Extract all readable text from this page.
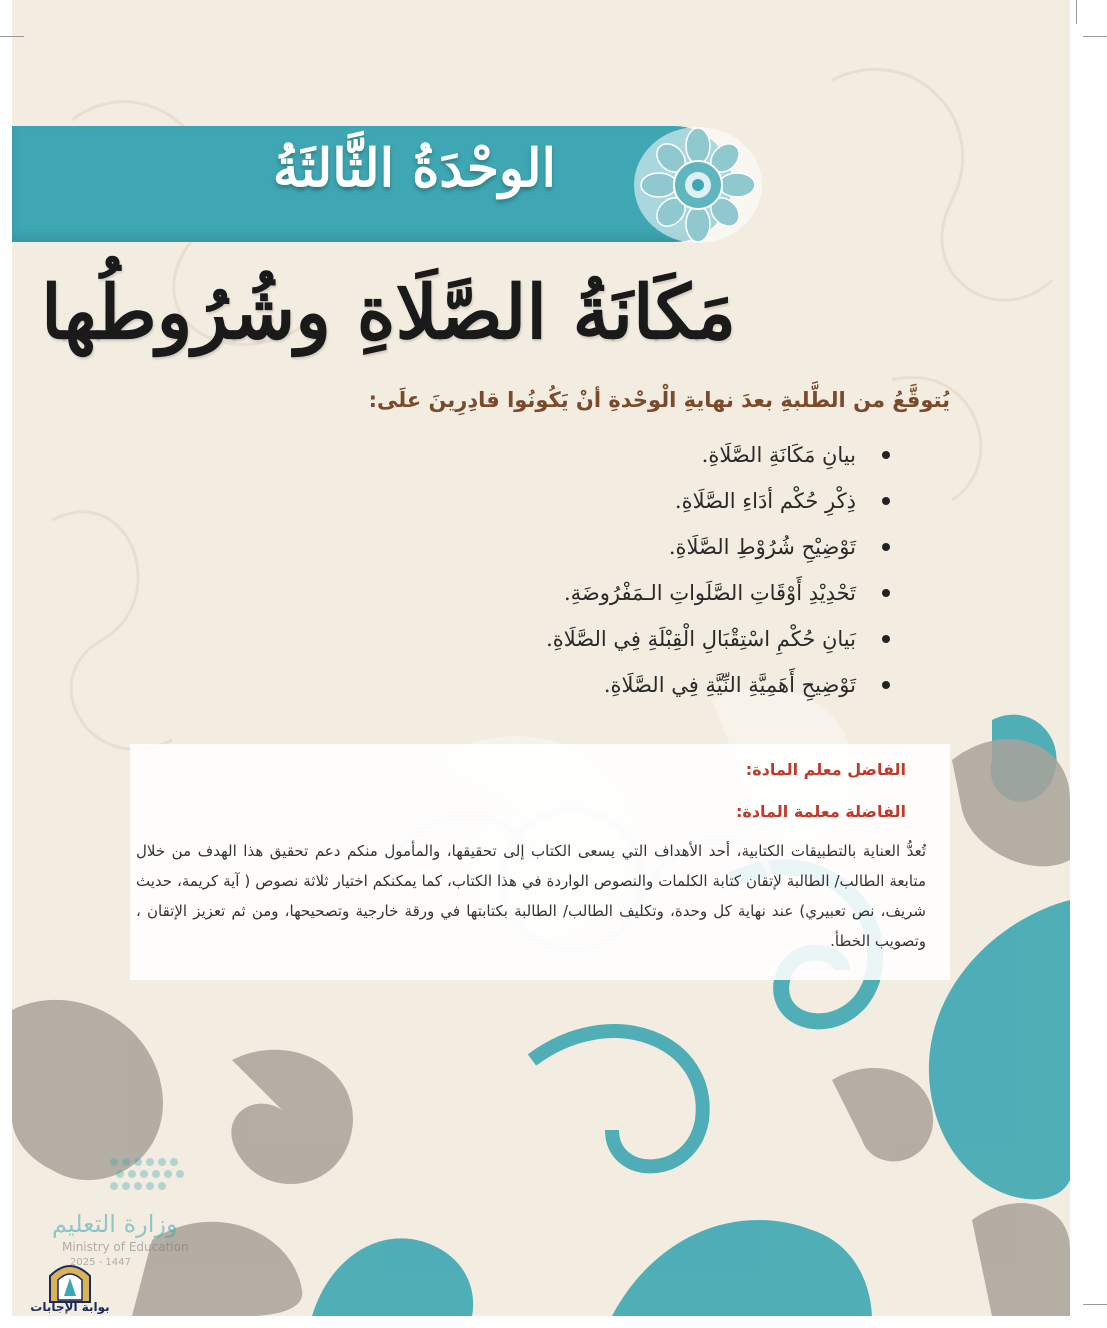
الوحْدَةُ الثَّالثَةُ
مَكَانَةُ الصَّلَاةِ وشُرُوطُها
يُتوقَّعُ من الطَّلبةِ بعدَ نهايةِ الْوحْدةِ أنْ يَكُونُوا قادِرِينَ علَى:
بيانِ مَكَانَةِ الصَّلَاةِ.
ذِكْرِ حُكْم أدَاءِ الصَّلَاةِ.
تَوْضِيْحِ شُرُوْطِ الصَّلَاةِ.
تَحْدِيْدِ أَوْقَاتِ الصَّلَواتِ الـمَفْرُوضَةِ.
بَيانِ حُكْمِ اسْتِقْبَالِ الْقِبْلَةِ فِي الصَّلَاةِ.
تَوْضِيحِ أَهَمِيَّةِ النِّيَّةِ فِي الصَّلَاةِ.
الفاضل معلم المادة:
الفاضلة معلمة المادة:

تُعدُّ العناية بالتطبيقات الكتابية، أحد الأهداف التي يسعى الكتاب إلى تحقيقها، والمأمول منكم دعم تحقيق هذا الهدف من خلال متابعة الطالب/ الطالبة لإتقان كتابة الكلمات والنصوص الواردة في هذا الكتاب، كما يمكنكم اختيار ثلاثة نصوص ( آية كريمة، حديث شريف، نص تعبيري) عند نهاية كل وحدة، وتكليف الطالب/ الطالبة بكتابتها في ورقة خارجية وتصحيحها، ومن ثم تعزيز الإتقان ، وتصويب الخطأ.

وزارة التعليم
Ministry of Education
2025 - 1447
بوابة الإجابات
